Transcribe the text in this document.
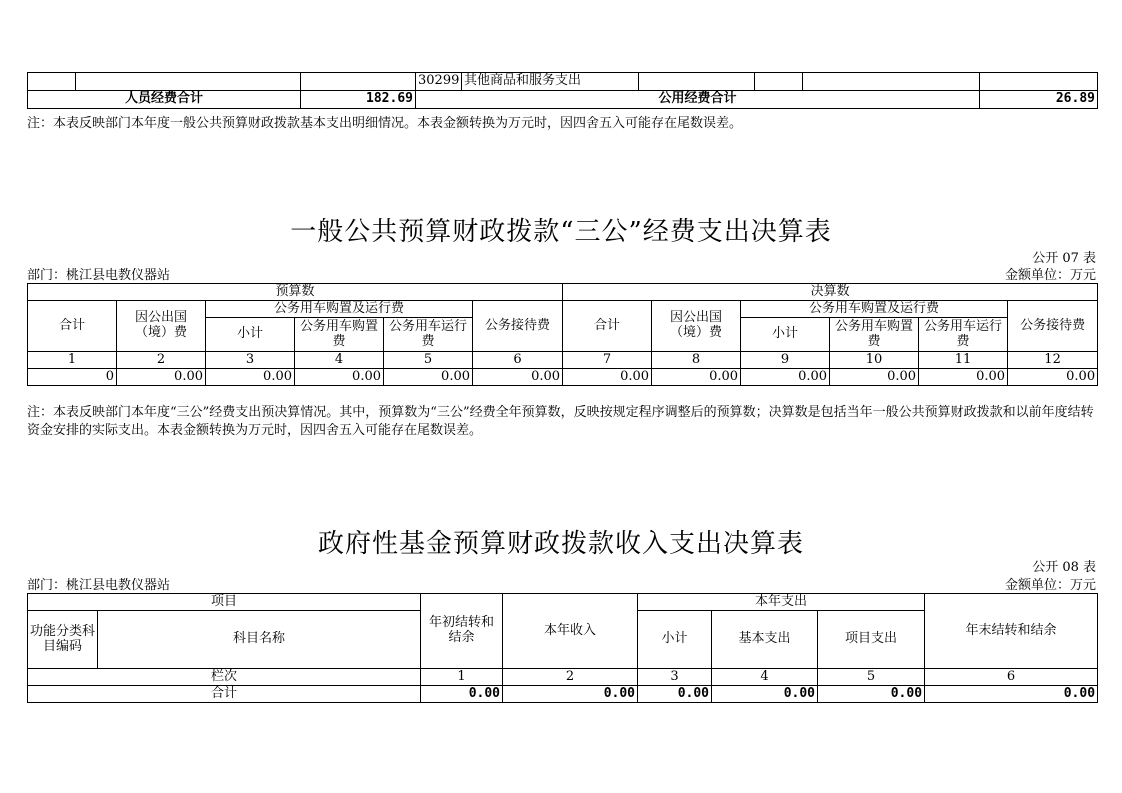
			30299	其他商品和服务支出				
人员经费合计		182.69	公用经费合计					26.89
注：本表反映部门本年度一般公共预算财政拨款基本支出明细情况。本表金额转换为万元时，因四舍五入可能存在尾数误差。
一般公共预算财政拨款“三公”经费支出决算表
公开 07 表
部门：桃江县电教仪器站	金额单位：万元
预算数						决算数					
合计	因公出国（境）费	公务用车购置及运行费			公务接待费	合计	因公出国（境）费	公务用车购置及运行费			公务接待费
		小计	公务用车购置费	公务用车运行费				小计	公务用车购置费	公务用车运行费	
1	2	3	4	5	6	7	8	9	10	11	12
0	0.00	0.00	0.00	0.00	0.00	0.00	0.00	0.00	0.00	0.00	0.00
注：本表反映部门本年度“三公”经费支出预决算情况。其中，预算数为“三公”经费全年预算数，反映按规定程序调整后的预算数；决算数是包括当年一般公共预算财政拨款和以前年度结转资金安排的实际支出。本表金额转换为万元时，因四舍五入可能存在尾数误差。
政府性基金预算财政拨款收入支出决算表
公开 08 表
部门：桃江县电教仪器站	金额单位：万元
项目		年初结转和结余	本年收入	本年支出			年末结转和结余
功能分类科目编码	科目名称			小计	基本支出	项目支出	
栏次		1	2	3	4	5	6
合计		0.00	0.00	0.00	0.00	0.00	0.00
